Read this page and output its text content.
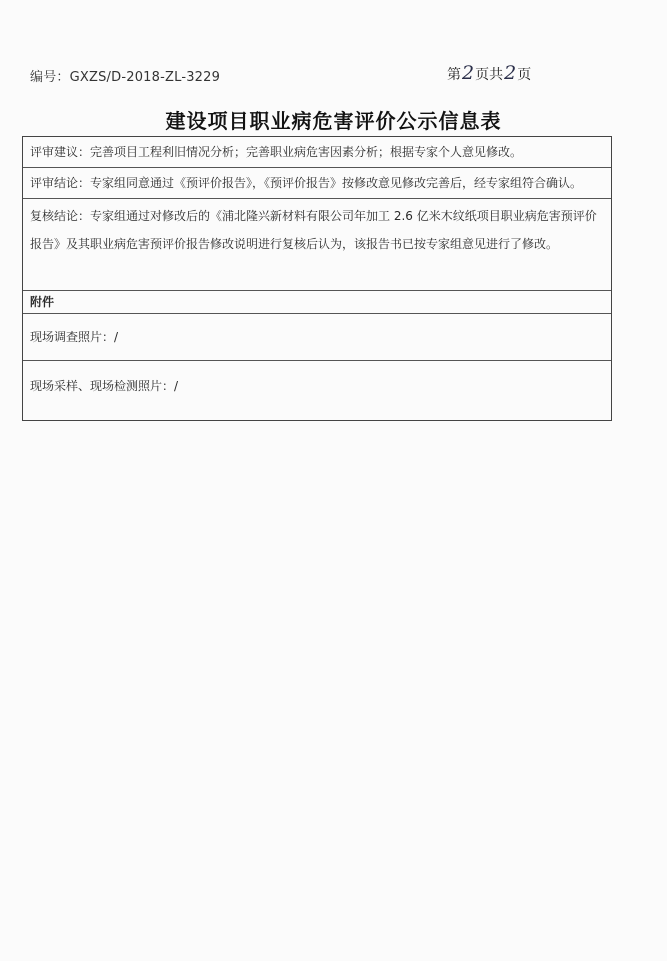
编号：GXZS/D-2018-ZL-3229	第2页共2页
建设项目职业病危害评价公示信息表
评审建议：完善项目工程利旧情况分析；完善职业病危害因素分析；根据专家个人意见修改。
评审结论：专家组同意通过《预评价报告》，《预评价报告》按修改意见修改完善后，经专家组符合确认。
复核结论：专家组通过对修改后的《浦北隆兴新材料有限公司年加工 2.6 亿米木纹纸项目职业病危害预评价报告》及其职业病危害预评价报告修改说明进行复核后认为，该报告书已按专家组意见进行了修改。
附件
现场调查照片：/
现场采样、现场检测照片：/
